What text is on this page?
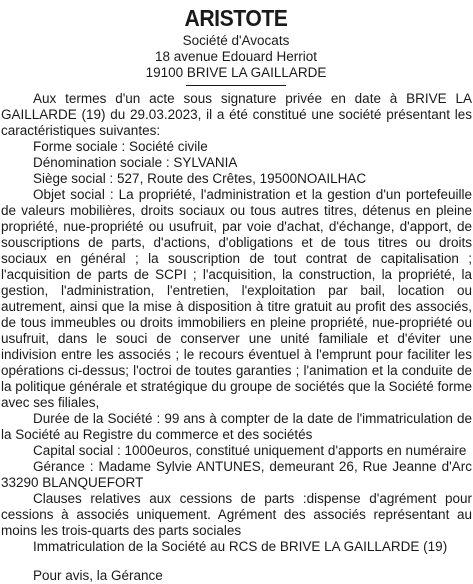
ARISTOTE
Société d'Avocats
18 avenue Edouard Herriot
19100 BRIVE LA GAILLARDE

Aux termes d'un acte sous signature privée en date à BRIVE LA GAILLARDE (19) du 29.03.2023, il a été constitué une société présentant les caractéristiques suivantes:

Forme sociale : Société civile

Dénomination sociale : SYLVANIA

Siège social : 527, Route des Crêtes, 19500NOAILHAC

Objet social : La propriété, l'administration et la gestion d'un portefeuille de valeurs mobilières, droits sociaux ou tous autres titres, détenus en pleine propriété, nue-propriété ou usufruit, par voie d'achat, d'échange, d'apport, de souscriptions de parts, d'actions, d'obligations et de tous titres ou droits sociaux en général ; la souscription de tout contrat de capitalisation ; l'acquisition de parts de SCPI ; l'acquisition, la construction, la propriété, la gestion, l'administration, l'entretien, l'exploitation par bail, location ou autrement, ainsi que la mise à disposition à titre gratuit au profit des associés, de tous immeubles ou droits immobiliers en pleine propriété, nue-propriété ou usufruit, dans le souci de conserver une unité familiale et d'éviter une indivision entre les associés ; le recours éventuel à l'emprunt pour faciliter les opérations ci-dessus; l'octroi de toutes garanties ; l'animation et la conduite de la politique générale et stratégique du groupe de sociétés que la Société forme avec ses filiales,

Durée de la Société : 99 ans à compter de la date de l'immatriculation de la Société au Registre du commerce et des sociétés

Capital social : 1000euros, constitué uniquement d'apports en numéraire

Gérance : Madame Sylvie ANTUNES, demeurant 26, Rue Jeanne d'Arc 33290 BLANQUEFORT

Clauses relatives aux cessions de parts :dispense d'agrément pour cessions à associés uniquement. Agrément des associés représentant au moins les trois-quarts des parts sociales

Immatriculation de la Société au RCS de BRIVE LA GAILLARDE (19)

Pour avis, la Gérance
